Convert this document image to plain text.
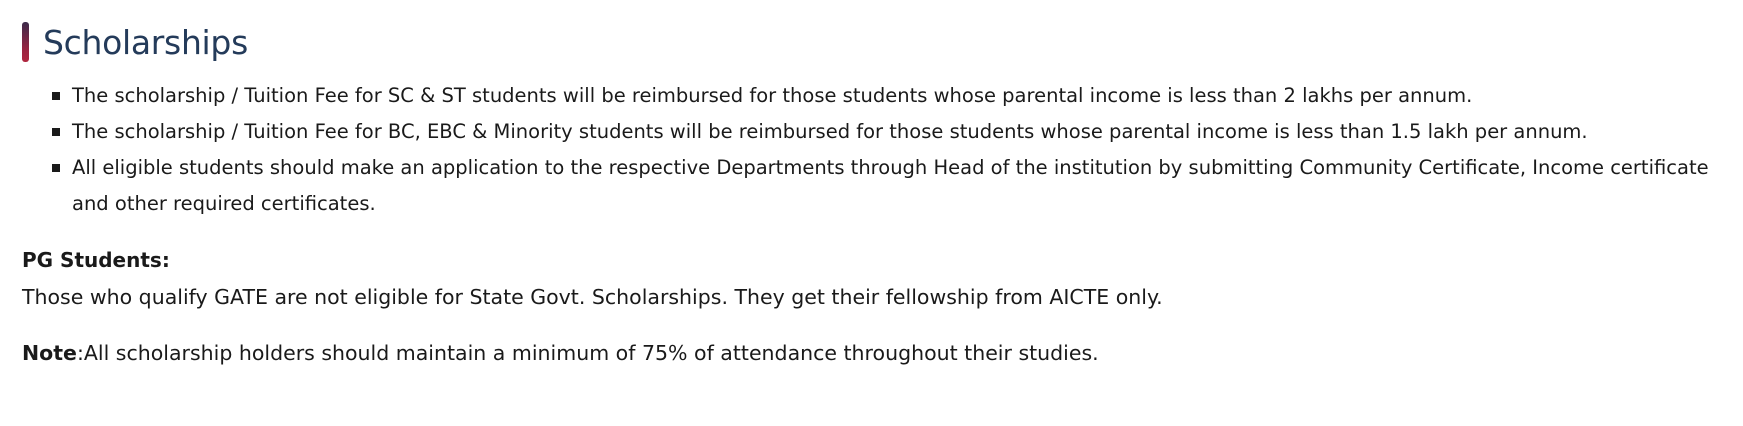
Scholarships
The scholarship / Tuition Fee for SC & ST students will be reimbursed for those students whose parental income is less than 2 lakhs per annum.
The scholarship / Tuition Fee for BC, EBC & Minority students will be reimbursed for those students whose parental income is less than 1.5 lakh per annum.
All eligible students should make an application to the respective Departments through Head of the institution by submitting Community Certificate, Income certificate and other required certificates.
PG Students:
Those who qualify GATE are not eligible for State Govt. Scholarships. They get their fellowship from AICTE only.
Note:All scholarship holders should maintain a minimum of 75% of attendance throughout their studies.
